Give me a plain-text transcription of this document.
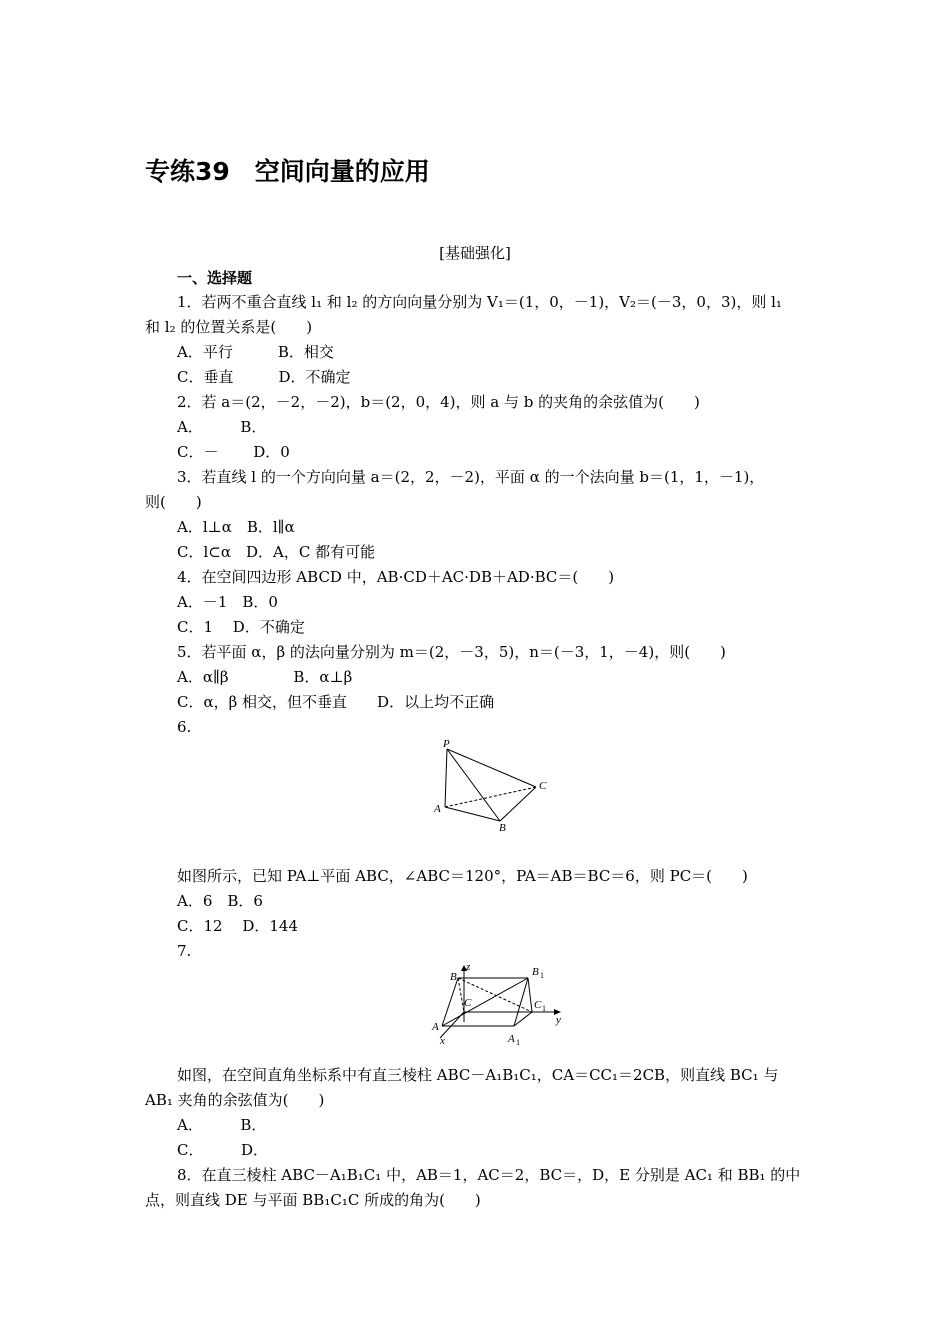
专练39　空间向量的应用
[基础强化]
一、选择题
1．若两不重合直线 l₁ 和 l₂ 的方向向量分别为 V₁＝(1，0，－1)，V₂＝(－3，0，3)，则 l₁
和 l₂ 的位置关系是(　　)
A．平行　　　B．相交
C．垂直　　　D．不确定
2．若 a＝(2，－2，－2)，b＝(2，0，4)，则 a 与 b 的夹角的余弦值为(　　)
A．　　　B．
C．－　　 D．0
3．若直线 l 的一个方向向量 a＝(2，2，－2)，平面 α 的一个法向量 b＝(1，1，－1)，
则(　　)
A．l⊥α　B．l∥α
C．l⊂α　D．A，C 都有可能
4．在空间四边形 ABCD 中，AB·CD＋AC·DB＋AD·BC＝(　　)
A．－1　B．0
C．1　 D．不确定
5．若平面 α，β 的法向量分别为 m＝(2，－3，5)，n＝(－3，1，－4)，则(　　)
A．α∥β　　　　 B．α⊥β
C．α，β 相交，但不垂直　　D．以上均不正确
6.
如图所示，已知 PA⊥平面 ABC，∠ABC＝120°，PA＝AB＝BC＝6，则 PC＝(　　)
A．6　B．6
C．12　 D．144
7.
如图，在空间直角坐标系中有直三棱柱 ABC－A₁B₁C₁，CA＝CC₁＝2CB，则直线 BC₁ 与
AB₁ 夹角的余弦值为(　　)
A．　　　B．
C．　　　D．
8．在直三棱柱 ABC－A₁B₁C₁ 中，AB＝1，AC＝2，BC＝，D，E 分别是 AC₁ 和 BB₁ 的中
点，则直线 DE 与平面 BB₁C₁C 所成的角为(　　)
P
A
B
C
B
z	B 1
C	C 1
y
A
x	A 1
